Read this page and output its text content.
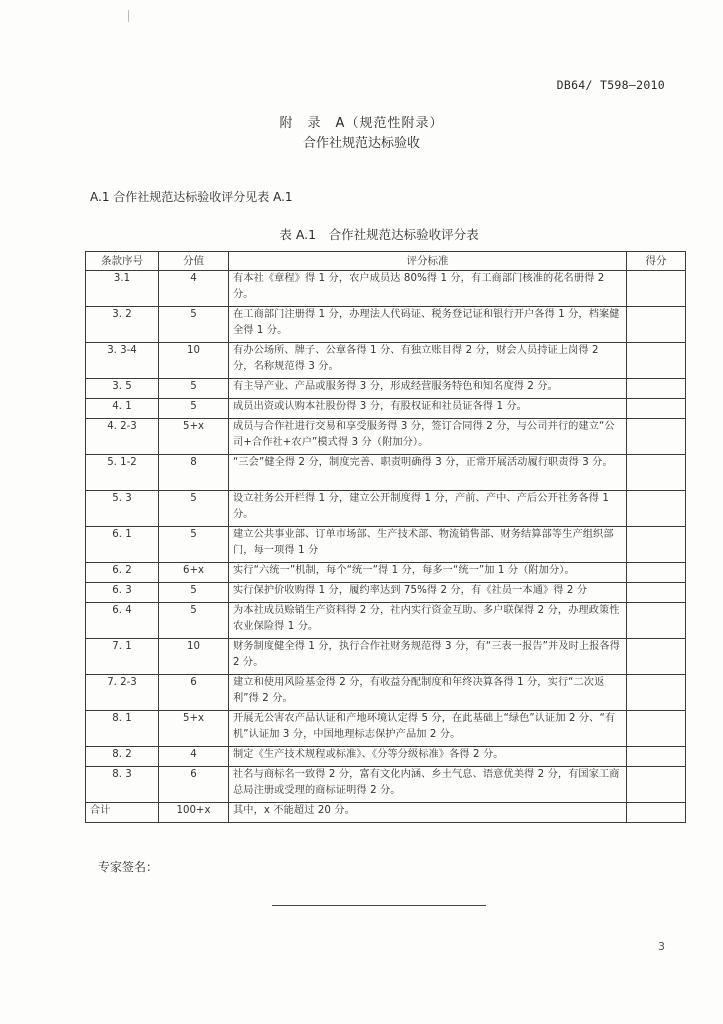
DB64/ T598—2010
附　录　A（规范性附录）
合作社规范达标验收
A.1 合作社规范达标验收评分见表 A.1
表 A.1　合作社规范达标验收评分表
条款序号	分值	评分标准	得分
3.1	4	有本社《章程》得 1 分，农户成员达 80%得 1 分，有工商部门核准的花名册得 2 分。	
3. 2	5	在工商部门注册得 1 分，办理法人代码证、税务登记证和银行开户各得 1 分，档案健全得 1 分。	
3. 3-4	10	有办公场所、牌子、公章各得 1 分、有独立账目得 2 分，财会人员持证上岗得 2 分，名称规范得 3 分。	
3. 5	5	有主导产业、产品或服务得 3 分，形成经营服务特色和知名度得 2 分。	
4. 1	5	成员出资或认购本社股份得 3 分，有股权证和社员证各得 1 分。	
4. 2-3	5+x	成员与合作社进行交易和享受服务得 3 分，签订合同得 2 分，与公司并行的建立“公司+合作社+农户”模式得 3 分（附加分）。	
5. 1-2	8	“三会”健全得 2 分，制度完善、职责明确得 3 分，正常开展活动履行职责得 3 分。	
5. 3	5	设立社务公开栏得 1 分，建立公开制度得 1 分，产前、产中、产后公开社务各得 1 分。	
6. 1	5	建立公共事业部、订单市场部、生产技术部、物流销售部、财务结算部等生产组织部门，每一项得 1 分	
6. 2	6+x	实行“六统一”机制，每个“统一”得 1 分，每多一“统一”加 1 分（附加分）。	
6. 3	5	实行保护价收购得 1 分，履约率达到 75%得 2 分，有《社员一本通》得 2 分	
6. 4	5	为本社成员赊销生产资料得 2 分，社内实行资金互助、多户联保得 2 分，办理政策性农业保险得 1 分。	
7. 1	10	财务制度健全得 1 分，执行合作社财务规范得 3 分，有“三表一报告”并及时上报各得 2 分。	
7. 2-3	6	建立和使用风险基金得 2 分，有收益分配制度和年终决算各得 1 分，实行“二次返利”得 2 分。	
8. 1	5+x	开展无公害农产品认证和产地环境认定得 5 分，在此基础上“绿色”认证加 2 分、“有机”认证加 3 分，中国地理标志保护产品加 2 分。	
8. 2	4	制定《生产技术规程或标准》、《分等分级标准》各得 2 分。	
8. 3	6	社名与商标名一致得 2 分，富有文化内涵、乡土气息、语意优美得 2 分，有国家工商总局注册或受理的商标证明得 2 分。	
合计	100+x	其中，x 不能超过 20 分。	
专家签名：
3
